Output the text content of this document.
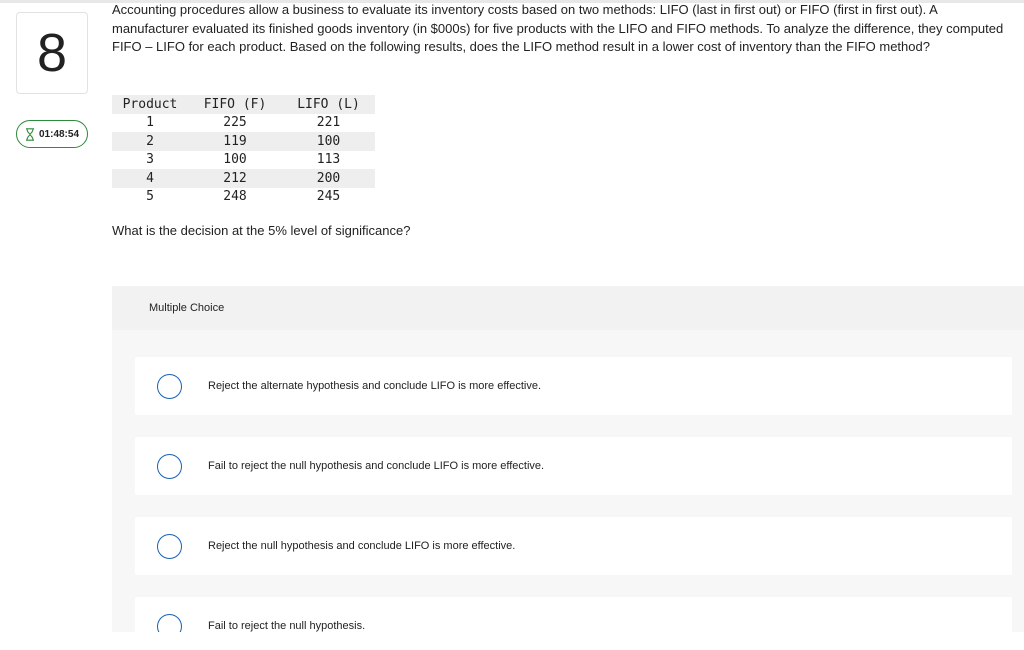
8
01:48:54
Accounting procedures allow a business to evaluate its inventory costs based on two methods: LIFO (last in first out) or FIFO (first in first out). A manufacturer evaluated its finished goods inventory (in $000s) for five products with the LIFO and FIFO methods. To analyze the difference, they computed FIFO – LIFO for each product. Based on the following results, does the LIFO method result in a lower cost of inventory than the FIFO method?
Product	FIFO (F)	LIFO (L)
1	225	221
2	119	100
3	100	113
4	212	200
5	248	245
What is the decision at the 5% level of significance?
Multiple Choice
Reject the alternate hypothesis and conclude LIFO is more effective.
Fail to reject the null hypothesis and conclude LIFO is more effective.
Reject the null hypothesis and conclude LIFO is more effective.
Fail to reject the null hypothesis.
